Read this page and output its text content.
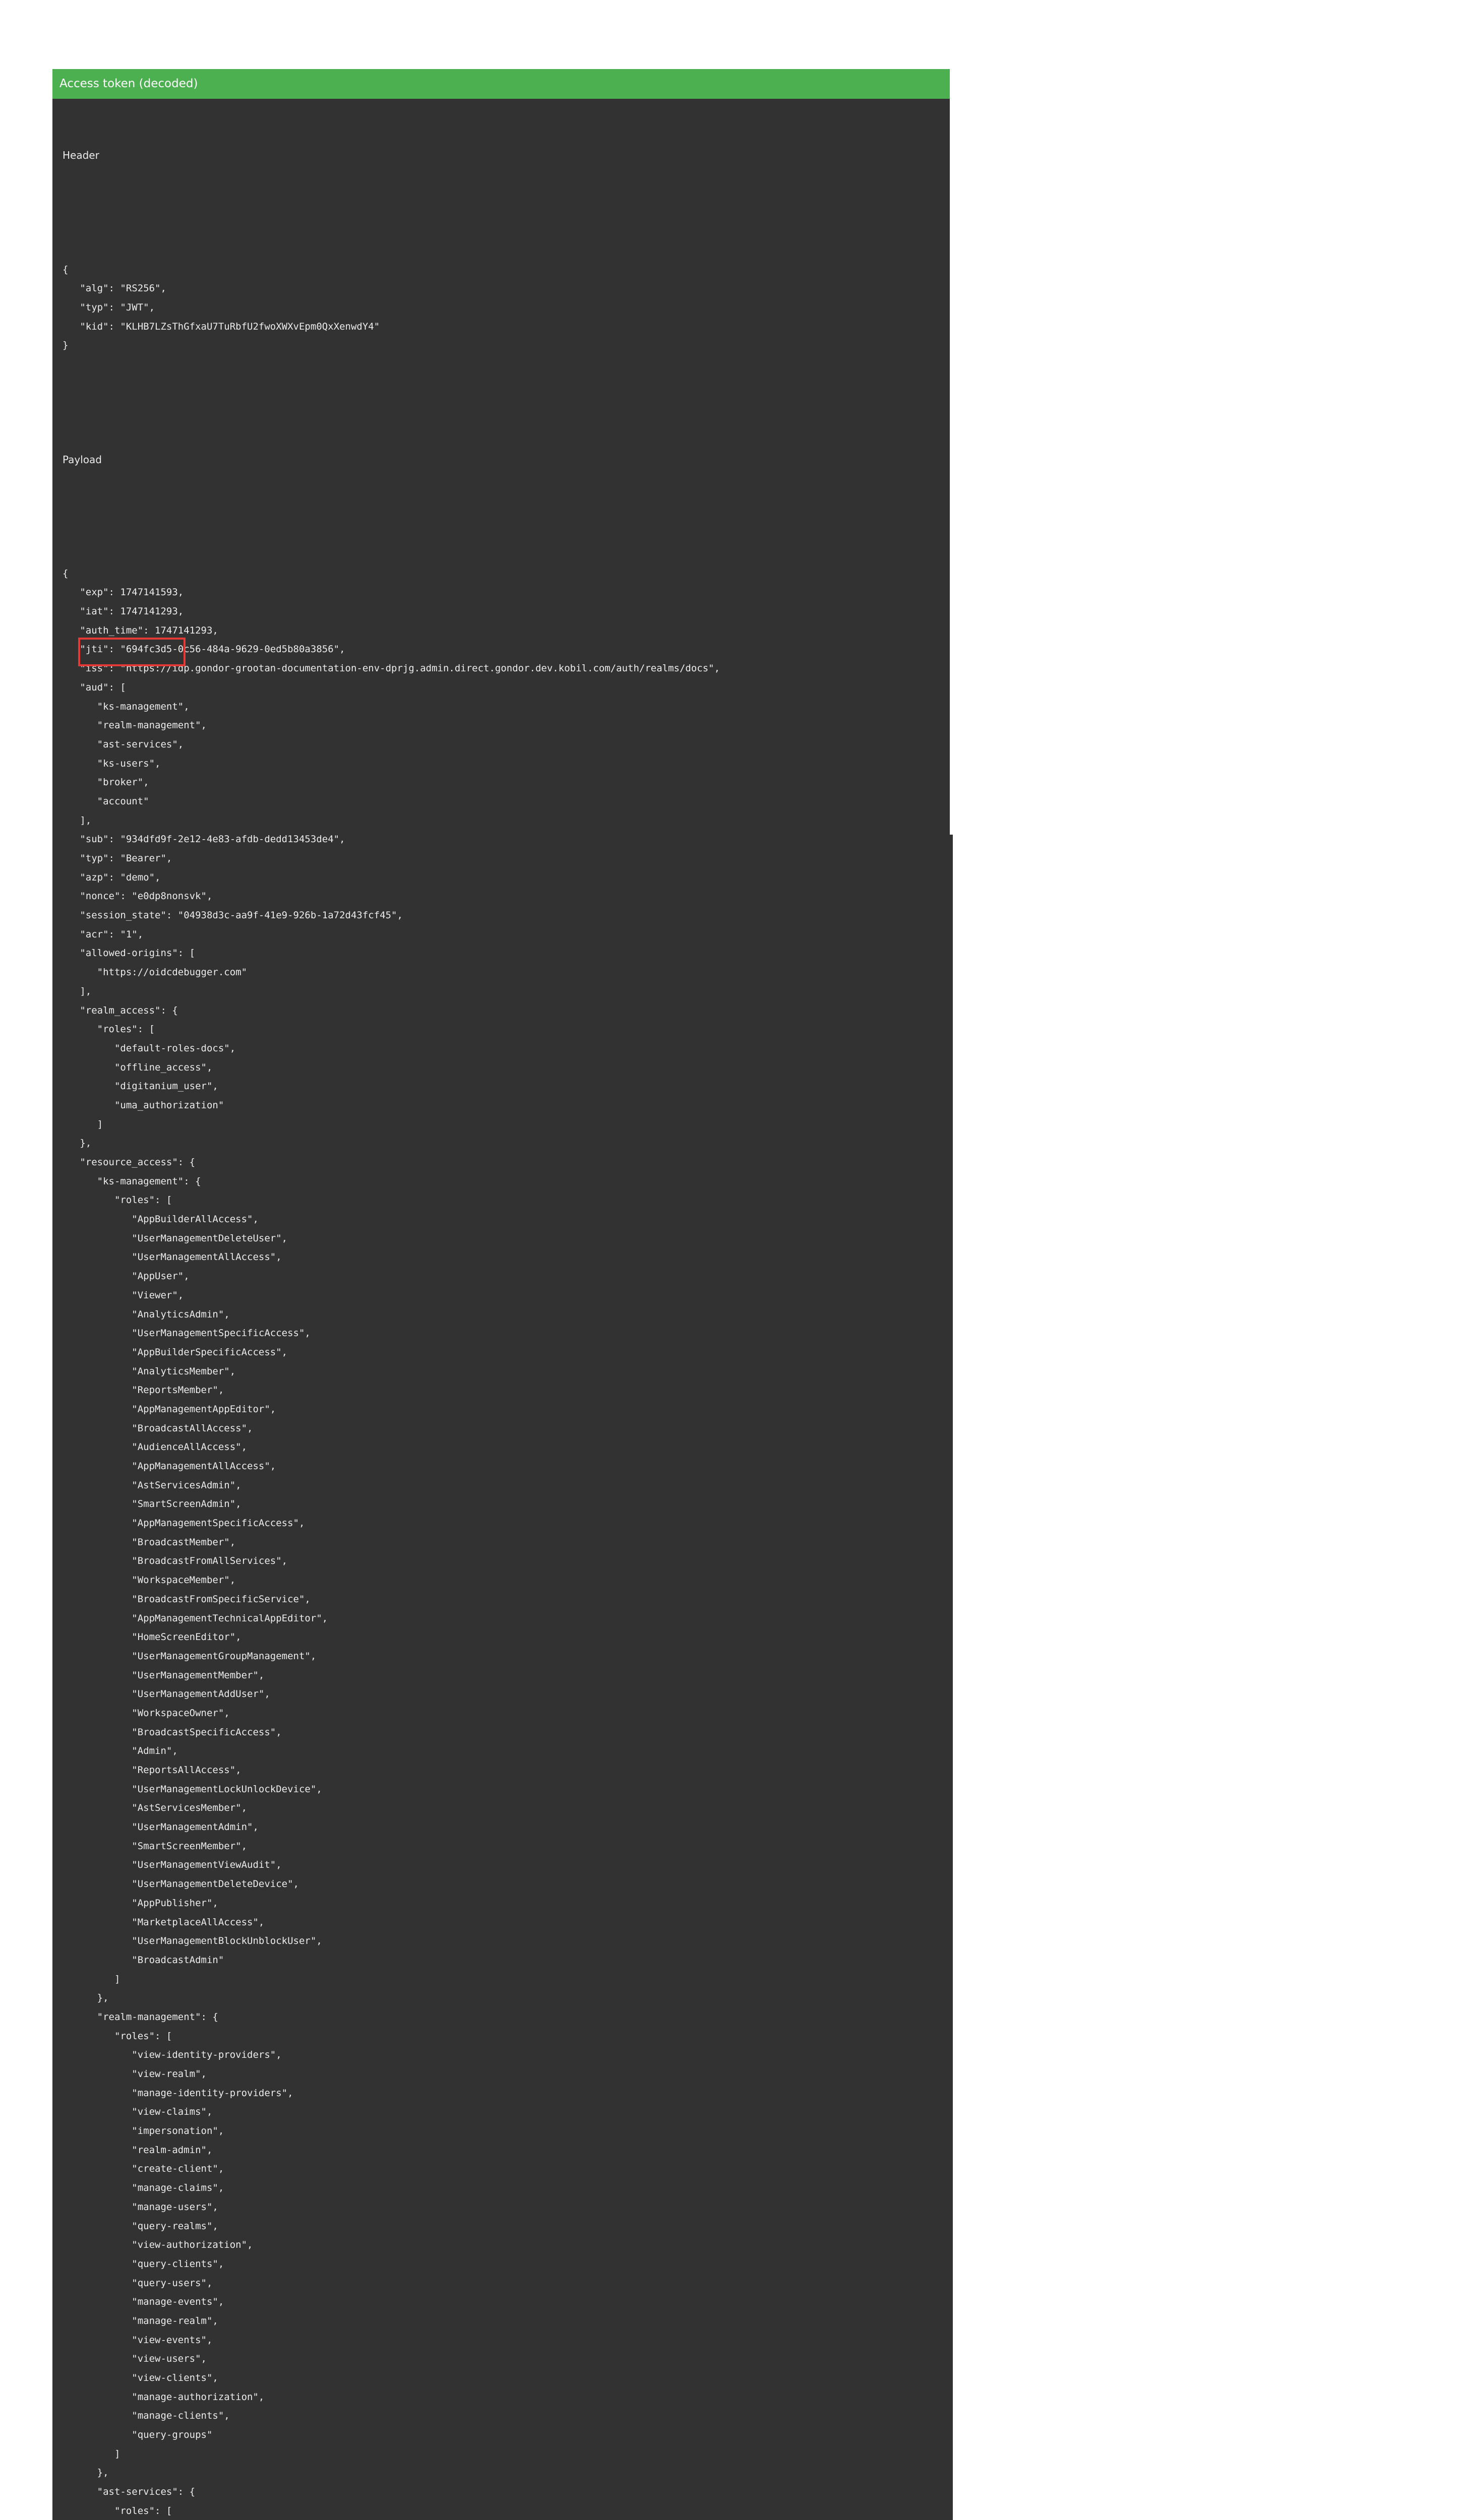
Access token (decoded)

Header

{
"alg": "RS256",
"typ": "JWT",
"kid": "KLHB7LZsThGfxaU7TuRbfU2fwoXWXvEpm0QxXenwdY4"
}

Payload

{
"exp": 1747141593,
"iat": 1747141293,
"auth_time": 1747141293,
"jti": "694fc3d5-0c56-484a-9629-0ed5b80a3856",
"iss": "https://idp.gondor-grootan-documentation-env-dprjg.admin.direct.gondor.dev.kobil.com/auth/realms/docs",
"aud": [
"ks-management",
"realm-management",
"ast-services",
"ks-users",
"broker",
"account"
],
"sub": "934dfd9f-2e12-4e83-afdb-dedd13453de4",
"typ": "Bearer",
"azp": "demo",
"nonce": "e0dp8nonsvk",
"session_state": "04938d3c-aa9f-41e9-926b-1a72d43fcf45",
"acr": "1",
"allowed-origins": [
"https://oidcdebugger.com"
],
"realm_access": {
"roles": [
"default-roles-docs",
"offline_access",
"digitanium_user",
"uma_authorization"
]
},
"resource_access": {
"ks-management": {
"roles": [
"AppBuilderAllAccess",
"UserManagementDeleteUser",
"UserManagementAllAccess",
"AppUser",
"Viewer",
"AnalyticsAdmin",
"UserManagementSpecificAccess",
"AppBuilderSpecificAccess",
"AnalyticsMember",
"ReportsMember",
"AppManagementAppEditor",
"BroadcastAllAccess",
"AudienceAllAccess",
"AppManagementAllAccess",
"AstServicesAdmin",
"SmartScreenAdmin",
"AppManagementSpecificAccess",
"BroadcastMember",
"BroadcastFromAllServices",
"WorkspaceMember",
"BroadcastFromSpecificService",
"AppManagementTechnicalAppEditor",
"HomeScreenEditor",
"UserManagementGroupManagement",
"UserManagementMember",
"UserManagementAddUser",
"WorkspaceOwner",
"BroadcastSpecificAccess",
"Admin",
"ReportsAllAccess",
"UserManagementLockUnlockDevice",
"AstServicesMember",
"UserManagementAdmin",
"SmartScreenMember",
"UserManagementViewAudit",
"UserManagementDeleteDevice",
"AppPublisher",
"MarketplaceAllAccess",
"UserManagementBlockUnblockUser",
"BroadcastAdmin"
]
},
"realm-management": {
"roles": [
"view-identity-providers",
"view-realm",
"manage-identity-providers",
"view-claims",
"impersonation",
"realm-admin",
"create-client",
"manage-claims",
"manage-users",
"query-realms",
"view-authorization",
"query-clients",
"query-users",
"manage-events",
"manage-realm",
"view-events",
"view-users",
"view-clients",
"manage-authorization",
"manage-clients",
"query-groups"
]
},
"ast-services": {
"roles": [
